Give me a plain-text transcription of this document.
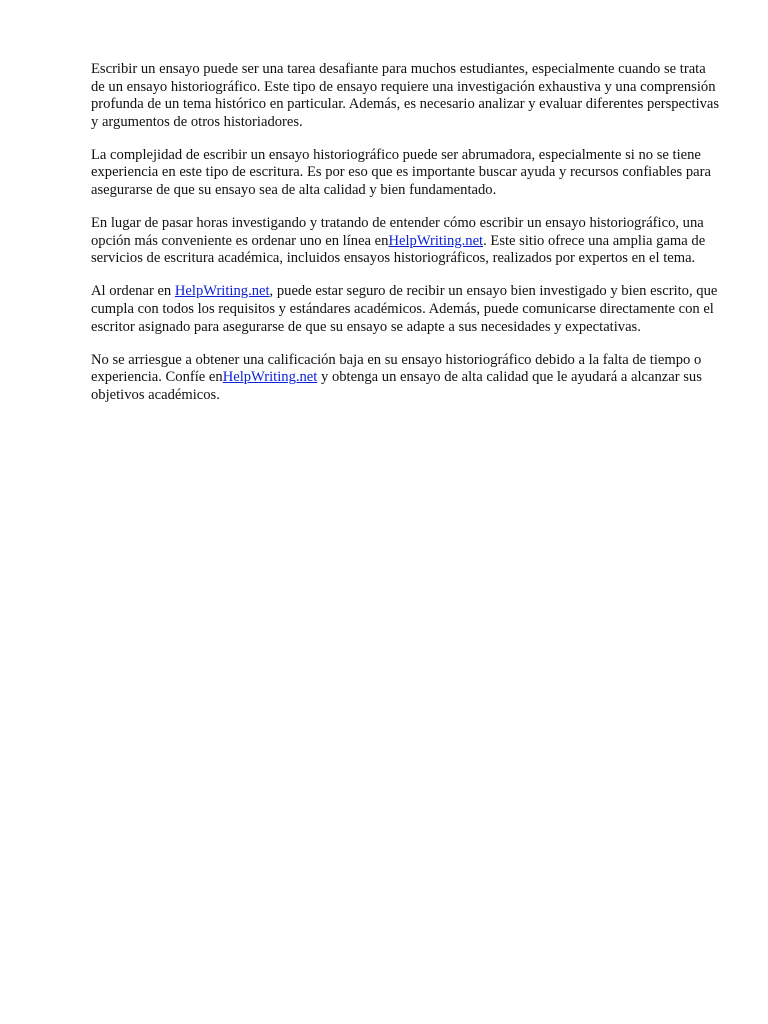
Escribir un ensayo puede ser una tarea desafiante para muchos estudiantes, especialmente cuando se trata de un ensayo historiográfico. Este tipo de ensayo requiere una investigación exhaustiva y una comprensión profunda de un tema histórico en particular. Además, es necesario analizar y evaluar diferentes perspectivas y argumentos de otros historiadores.

La complejidad de escribir un ensayo historiográfico puede ser abrumadora, especialmente si no se tiene experiencia en este tipo de escritura. Es por eso que es importante buscar ayuda y recursos confiables para asegurarse de que su ensayo sea de alta calidad y bien fundamentado.

En lugar de pasar horas investigando y tratando de entender cómo escribir un ensayo historiográfico, una opción más conveniente es ordenar uno en línea enHelpWriting.net. Este sitio ofrece una amplia gama de servicios de escritura académica, incluidos ensayos historiográficos, realizados por expertos en el tema.

Al ordenar en HelpWriting.net, puede estar seguro de recibir un ensayo bien investigado y bien escrito, que cumpla con todos los requisitos y estándares académicos. Además, puede comunicarse directamente con el escritor asignado para asegurarse de que su ensayo se adapte a sus necesidades y expectativas.

No se arriesgue a obtener una calificación baja en su ensayo historiográfico debido a la falta de tiempo o experiencia. Confíe enHelpWriting.net y obtenga un ensayo de alta calidad que le ayudará a alcanzar sus objetivos académicos.
